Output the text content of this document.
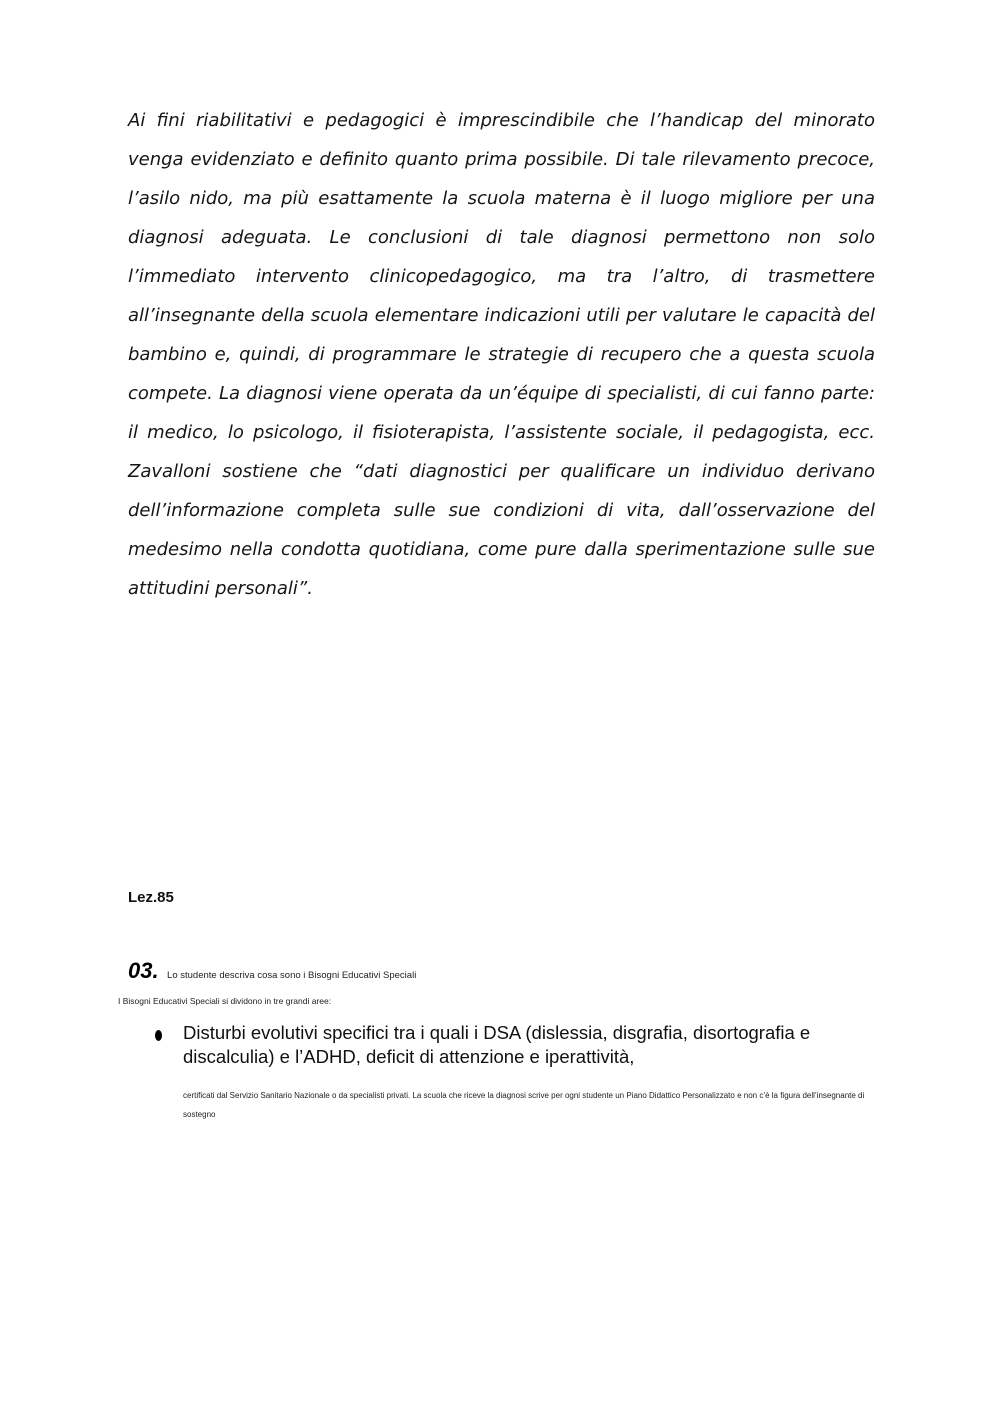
Ai fini riabilitativi e pedagogici è imprescindibile che l’handicap del minorato venga evidenziato e definito quanto prima possibile. Di tale rilevamento precoce, l’asilo nido, ma più esattamente la scuola materna è il luogo migliore per una diagnosi adeguata. Le conclusioni di tale diagnosi permettono non solo l’immediato intervento clinicopedagogico, ma tra l’altro, di trasmettere all’insegnante della scuola elementare indicazioni utili per valutare le capacità del bambino e, quindi, di programmare le strategie di recupero che a questa scuola compete. La diagnosi viene operata da un’équipe di specialisti, di cui fanno parte: il medico, lo psicologo, il fisioterapista, l’assistente sociale, il pedagogista, ecc. Zavalloni sostiene che “dati diagnostici per qualificare un individuo derivano dell’informazione completa sulle sue condizioni di vita, dall’osservazione del medesimo nella condotta quotidiana, come pure dalla sperimentazione sulle sue attitudini personali”.

Lez.85
03. Lo studente descriva cosa sono i Bisogni Educativi Speciali
I Bisogni Educativi Speciali si dividono in tre grandi aree:

Disturbi evolutivi specifici tra i quali i DSA (dislessia, disgrafia, disortografia e discalculia) e l’ADHD, deficit di attenzione e iperattività,

certificati dal Servizio Sanitario Nazionale o da specialisti privati. La scuola che riceve la diagnosi scrive per ogni studente un Piano Didattico Personalizzato e non c’è la figura dell’insegnante di sostegno
